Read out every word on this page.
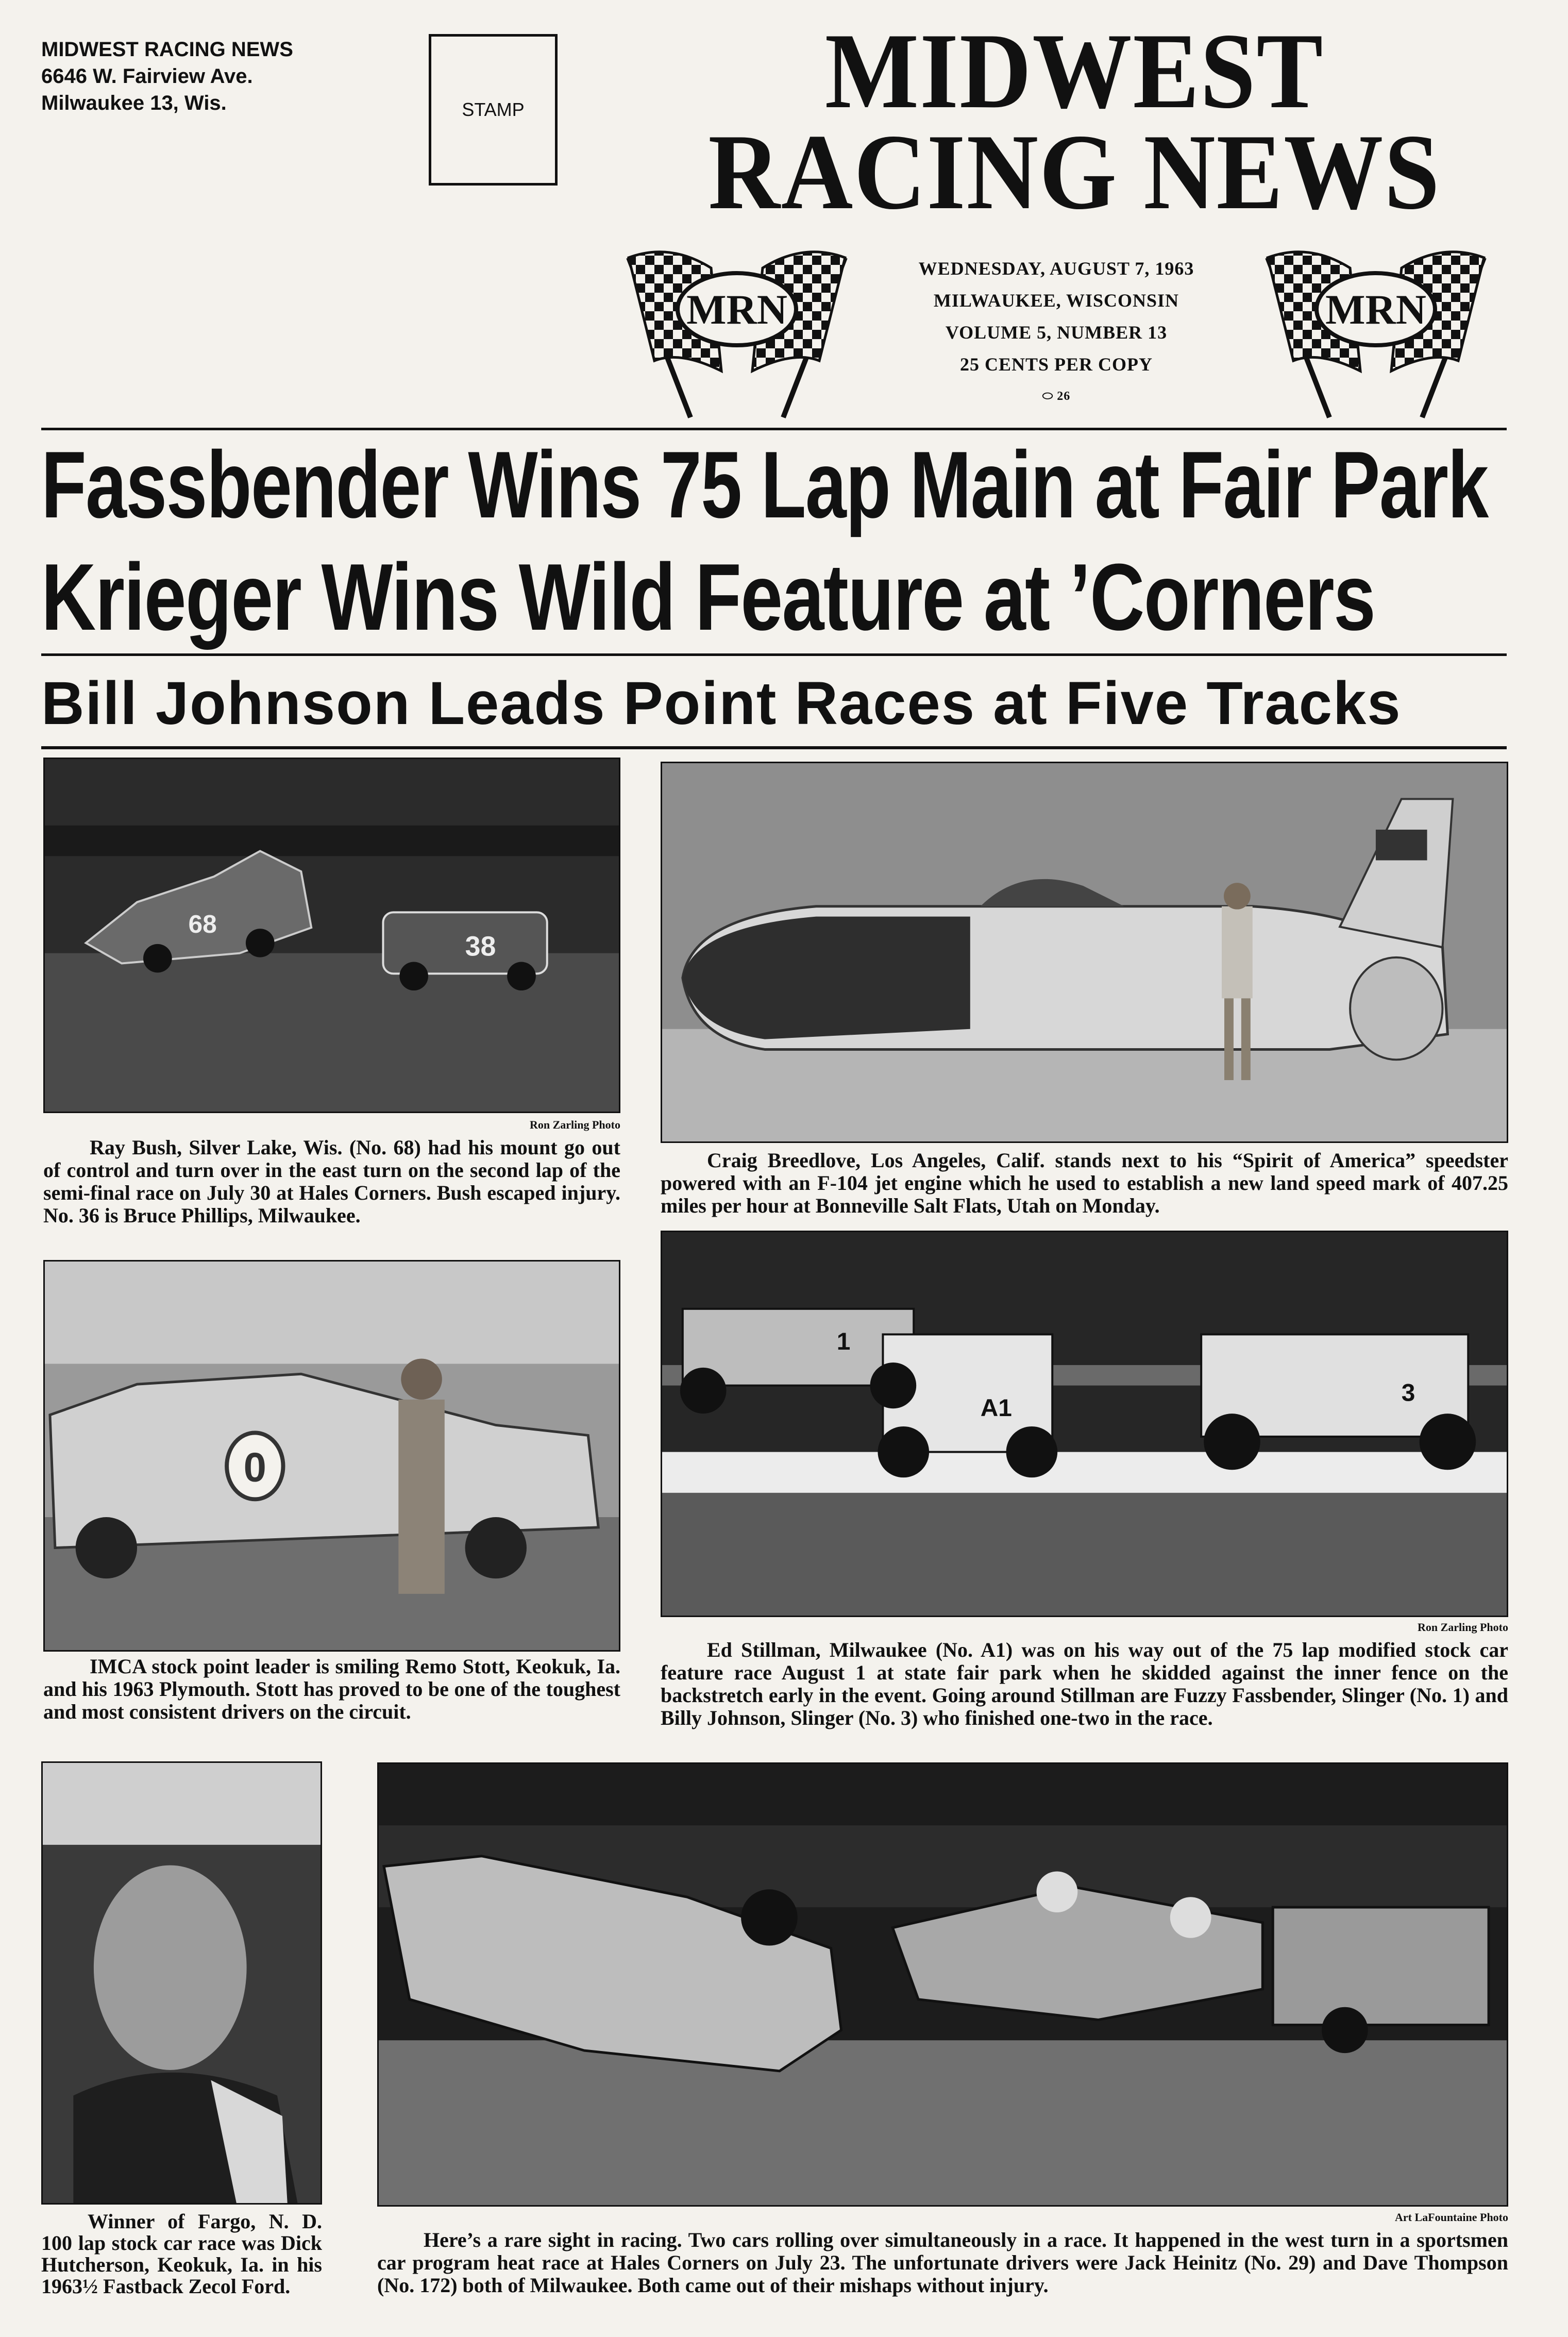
MIDWEST RACING NEWS
6646 W. Fairview Ave.
Milwaukee 13, Wis.	STAMP	MIDWEST
RACING NEWS
MRN	MRN
WEDNESDAY, AUGUST 7, 1963
MILWAUKEE, WISCONSIN
VOLUME 5, NUMBER 13
25 CENTS PER COPY
⬭ 26
Fassbender Wins 75 Lap Main at Fair Park
Krieger Wins Wild Feature at ’Corners
Bill Johnson Leads Point Races at Five Tracks
68
38
Ron Zarling Photo

Ray Bush, Silver Lake, Wis. (No. 68) had his mount go out of control and turn over in the east turn on the second lap of the semi-final race on July 30 at Hales Corners. Bush escaped injury. No. 36 is Bruce Phillips, Milwaukee.

Craig Breedlove, Los Angeles, Calif. stands next to his “Spirit of America” speedster powered with an F-104 jet engine which he used to establish a new land speed mark of 407.25 miles per hour at Bonneville Salt Flats, Utah on Monday.

0

IMCA stock point leader is smiling Remo Stott, Keokuk, Ia. and his 1963 Plymouth. Stott has proved to be one of the toughest and most consistent drivers on the circuit.

A1
1
3
Ron Zarling Photo

Ed Stillman, Milwaukee (No. A1) was on his way out of the 75 lap modified stock car feature race August 1 at state fair park when he skidded against the inner fence on the backstretch early in the event. Going around Stillman are Fuzzy Fassbender, Slinger (No. 1) and Billy Johnson, Slinger (No. 3) who finished one-two in the race.

Winner of Fargo, N. D. 100 lap stock car race was Dick Hutcherson, Keokuk, Ia. in his 1963½ Fastback Zecol Ford.

Art LaFountaine Photo

Here’s a rare sight in racing. Two cars rolling over simultaneously in a race. It happened in the west turn in a sportsmen car program heat race at Hales Corners on July 23. The unfortunate drivers were Jack Heinitz (No. 29) and Dave Thompson (No. 172) both of Milwaukee. Both came out of their mishaps without injury.
